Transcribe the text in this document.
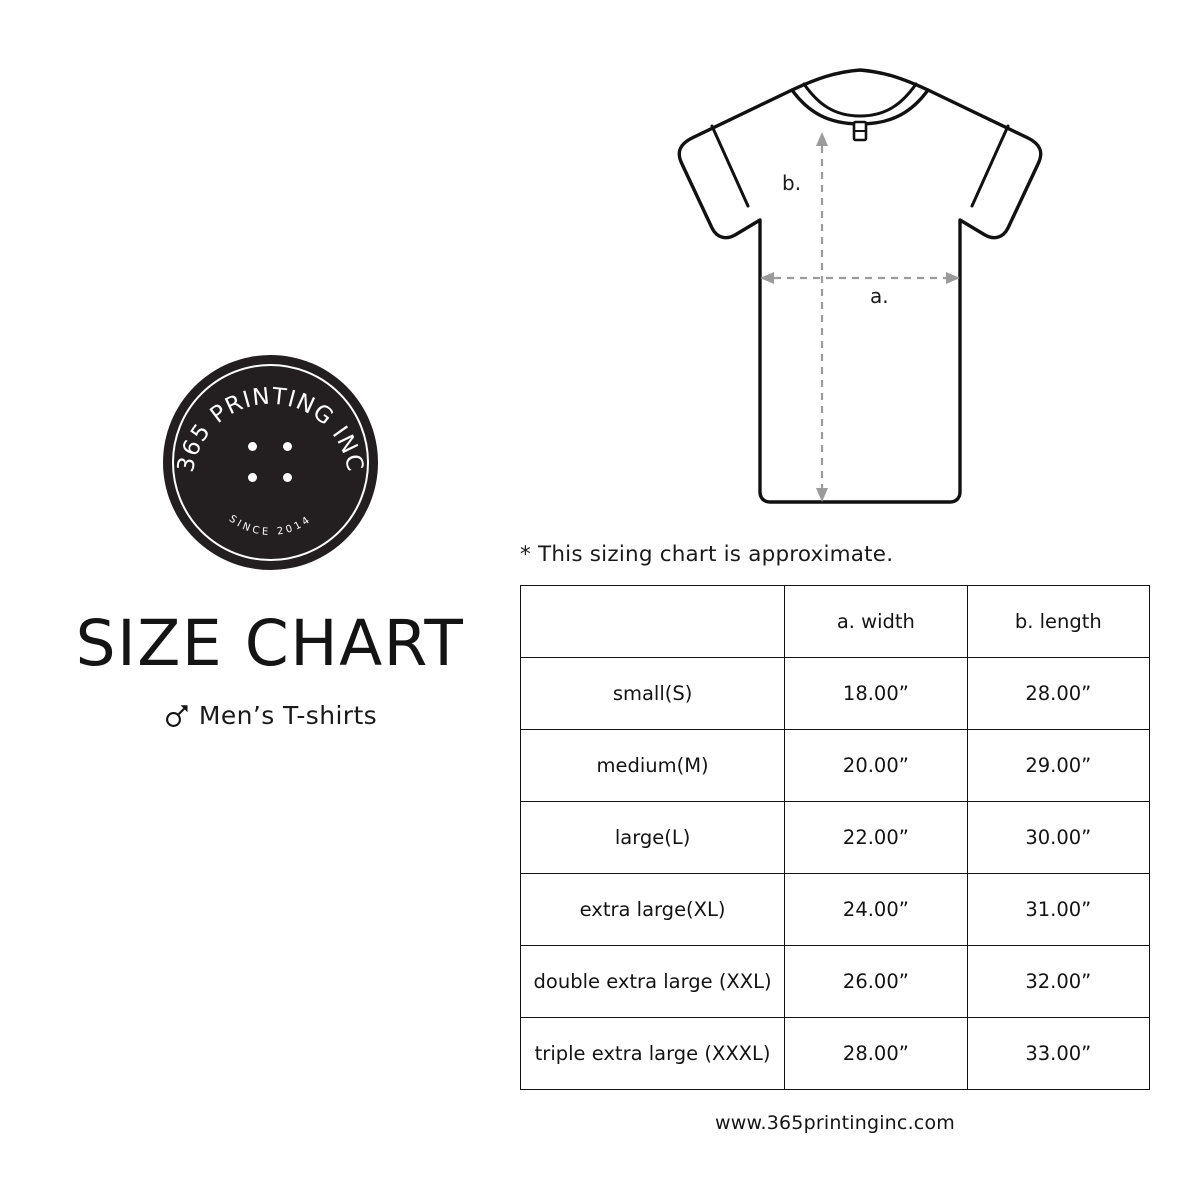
365 PRINTING INC
SINCE 2014
SIZE CHART
Men’s T-shirts
a.
b.
* This sizing chart is approximate.
	a. width	b. length
small(S)	18.00”	28.00”
medium(M)	20.00”	29.00”
large(L)	22.00”	30.00”
extra large(XL)	24.00”	31.00”
double extra large (XXL)	26.00”	32.00”
triple extra large (XXXL)	28.00”	33.00”
www.365printinginc.com
